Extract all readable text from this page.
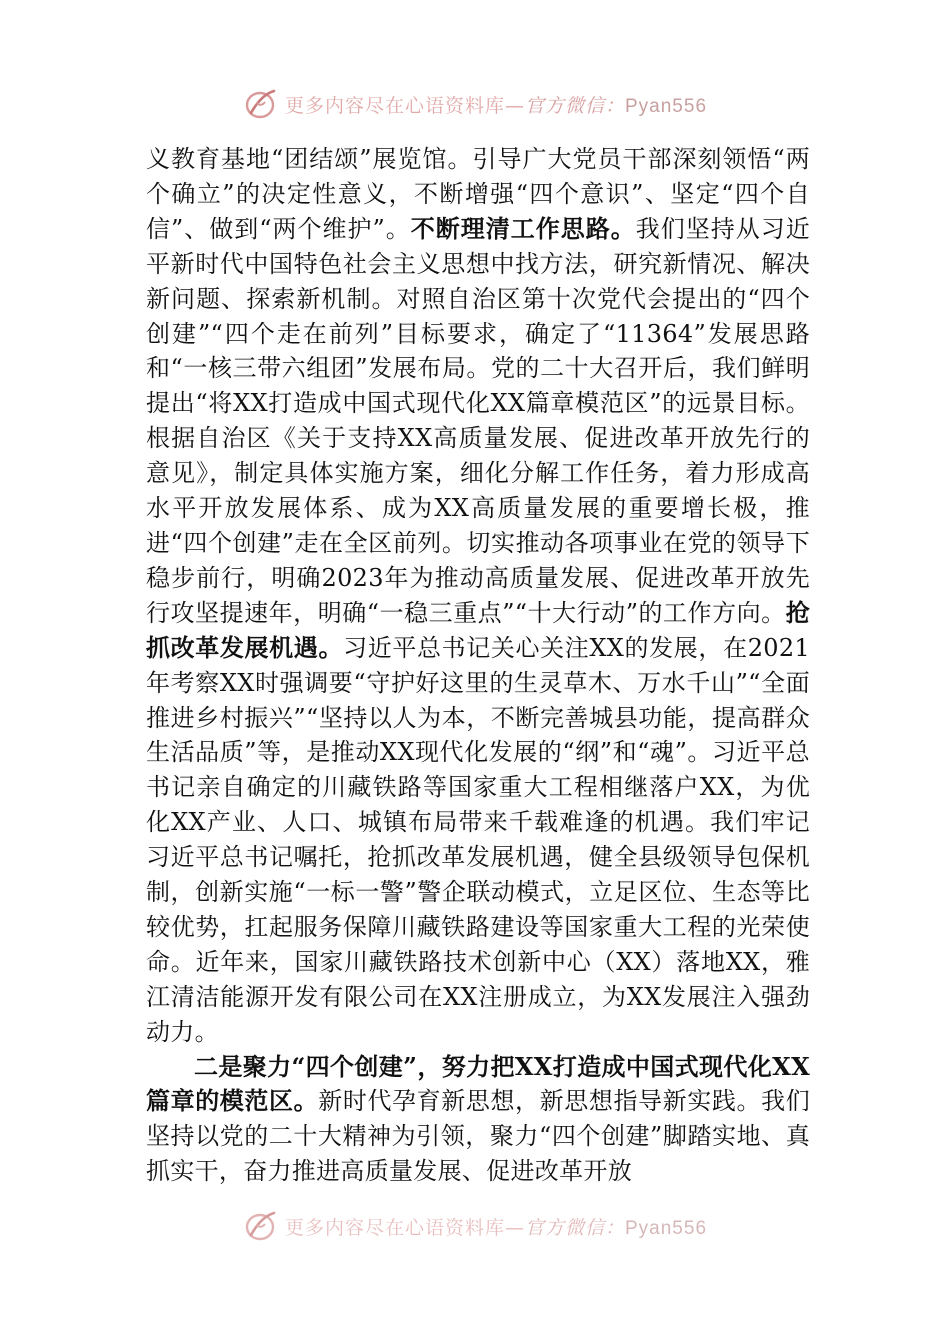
更多内容尽在心语资料库—官方微信：Pyan556

义教育基地“团结颂”展览馆。引导广大党员干部深刻领悟“两个确立”的决定性意义，不断增强“四个意识”、坚定“四个自信”、做到“两个维护”。不断理清工作思路。我们坚持从习近平新时代中国特色社会主义思想中找方法，研究新情况、解决新问题、探索新机制。对照自治区第十次党代会提出的“四个创建”“四个走在前列”目标要求，确定了“11364”发展思路和“一核三带六组团”发展布局。党的二十大召开后，我们鲜明提出“将XX打造成中国式现代化XX篇章模范区”的远景目标。根据自治区《关于支持XX高质量发展、促进改革开放先行的意见》，制定具体实施方案，细化分解工作任务，着力形成高水平开放发展体系、成为XX高质量发展的重要增长极，推进“四个创建”走在全区前列。切实推动各项事业在党的领导下稳步前行，明确2023年为推动高质量发展、促进改革开放先行攻坚提速年，明确“一稳三重点”“十大行动”的工作方向。抢抓改革发展机遇。习近平总书记关心关注XX的发展，在2021年考察XX时强调要“守护好这里的生灵草木、万水千山”“全面推进乡村振兴”“坚持以人为本，不断完善城县功能，提高群众生活品质”等，是推动XX现代化发展的“纲”和“魂”。习近平总书记亲自确定的川藏铁路等国家重大工程相继落户XX，为优化XX产业、人口、城镇布局带来千载难逢的机遇。我们牢记习近平总书记嘱托，抢抓改革发展机遇，健全县级领导包保机制，创新实施“一标一警”警企联动模式，立足区位、生态等比较优势，扛起服务保障川藏铁路建设等国家重大工程的光荣使命。近年来，国家川藏铁路技术创新中心（XX）落地XX，雅江清洁能源开发有限公司在XX注册成立，为XX发展注入强劲动力。

二是聚力“四个创建”，努力把XX打造成中国式现代化XX篇章的模范区。新时代孕育新思想，新思想指导新实践。我们坚持以党的二十大精神为引领，聚力“四个创建”脚踏实地、真抓实干，奋力推进高质量发展、促进改革开放

更多内容尽在心语资料库—官方微信：Pyan556
